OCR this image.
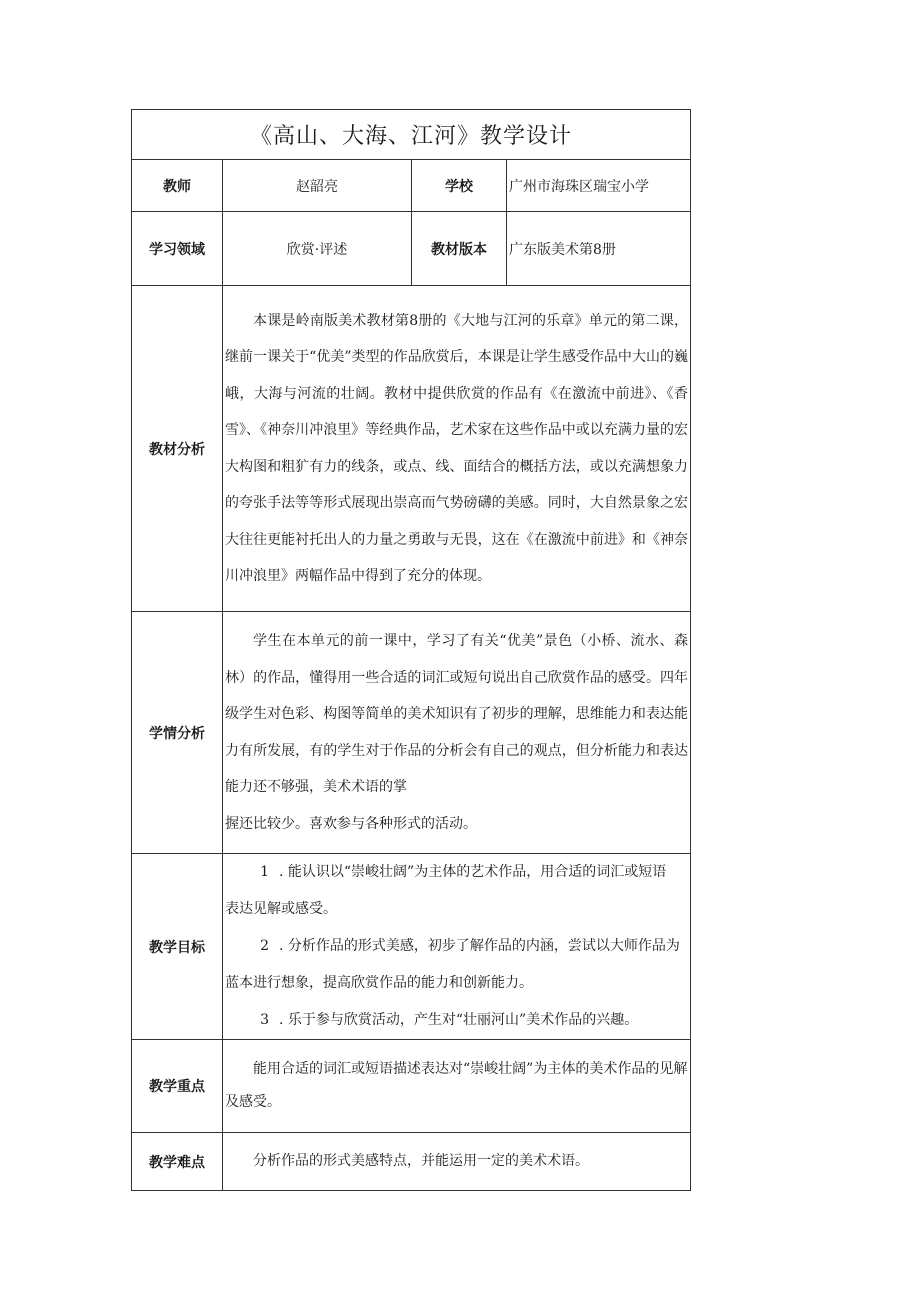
《高山、大海、江河》教学设计			
教师	赵韶亮	学校	广州市海珠区瑞宝小学
学习领域	欣赏·评述	教材版本	广东版美术第8册
教材分析	本课是岭南版美术教材第8册的《大地与江河的乐章》单元的第二课，继前一课关于“优美”类型的作品欣赏后，本课是让学生感受作品中大山的巍峨，大海与河流的壮阔。教材中提供欣赏的作品有《在激流中前进》、《香雪》、《神奈川冲浪里》等经典作品，艺术家在这些作品中或以充满力量的宏大构图和粗犷有力的线条，或点、线、面结合的概括方法，或以充满想象力的夸张手法等等形式展现出崇高而气势磅礴的美感。同时，大自然景象之宏大往往更能衬托出人的力量之勇敢与无畏，这在《在激流中前进》和《神奈川冲浪里》两幅作品中得到了充分的体现。		

学情分析	学生在本单元的前一课中，学习了有关“优美”景色（小桥、流水、森林）的作品，懂得用一些合适的词汇或短句说出自己欣赏作品的感受。四年级学生对色彩、构图等简单的美术知识有了初步的理解，思维能力和表达能力有所发展，有的学生对于作品的分析会有自己的观点，但分析能力和表达能力还不够强，美术术语的掌

握还比较少。喜欢参与各种形式的活动。		

教学目标	1 . 能认识以“崇峻壮阔”为主体的艺术作品，用合适的词汇或短语

表达见解或感受。

2 . 分析作品的形式美感，初步了解作品的内涵，尝试以大师作品为

蓝本进行想象，提高欣赏作品的能力和创新能力。

3 . 乐于参与欣赏活动，产生对“壮丽河山”美术作品的兴趣。		

教学重点	能用合适的词汇或短语描述表达对“崇峻壮阔”为主体的美术作品的见解及感受。		

教学难点	分析作品的形式美感特点，并能运用一定的美术术语。		
